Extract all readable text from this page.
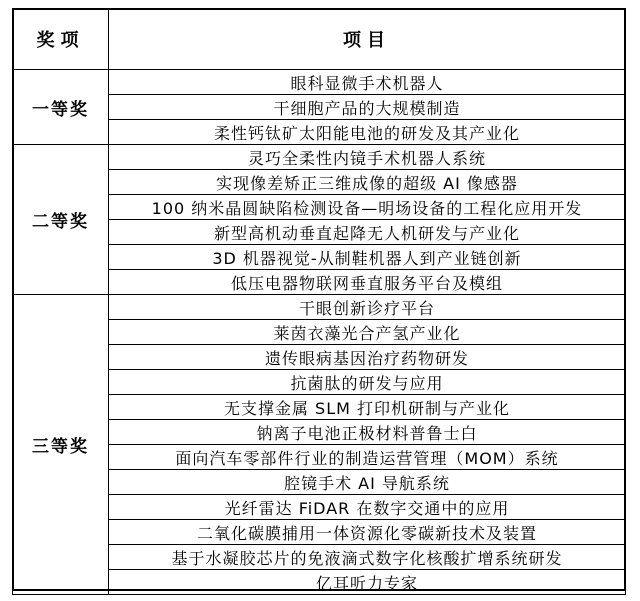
奖项	项目
一等奖	眼科显微手术机器人
	干细胞产品的大规模制造
	柔性钙钛矿太阳能电池的研发及其产业化
二等奖	灵巧全柔性内镜手术机器人系统
	实现像差矫正三维成像的超级 AI 像感器
	100 纳米晶圆缺陷检测设备—明场设备的工程化应用开发
	新型高机动垂直起降无人机研发与产业化
	3D 机器视觉-从制鞋机器人到产业链创新
	低压电器物联网垂直服务平台及模组
三等奖	干眼创新诊疗平台
	莱茵衣藻光合产氢产业化
	遗传眼病基因治疗药物研发
	抗菌肽的研发与应用
	无支撑金属 SLM 打印机研制与产业化
	钠离子电池正极材料普鲁士白
	面向汽车零部件行业的制造运营管理（MOM）系统
	腔镜手术 AI 导航系统
	光纤雷达 FiDAR 在数字交通中的应用
	二氧化碳膜捕用一体资源化零碳新技术及装置
	基于水凝胶芯片的免液滴式数字化核酸扩增系统研发
	亿耳听力专家
